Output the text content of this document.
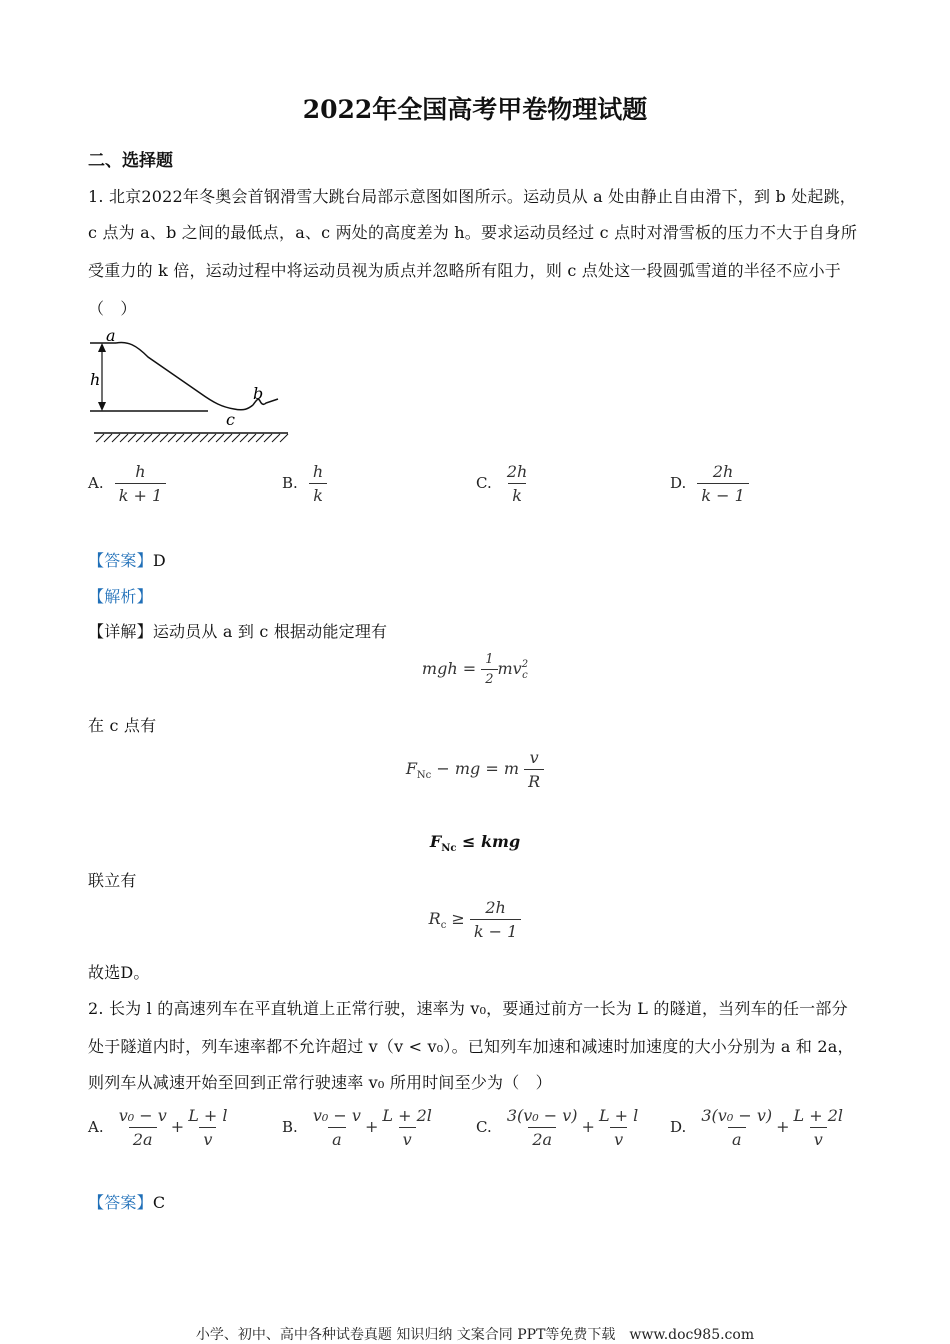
2022年全国高考甲卷物理试题
二、选择题
1. 北京2022年冬奥会首钢滑雪大跳台局部示意图如图所示。运动员从 a 处由静止自由滑下，到 b 处起跳，
c 点为 a、b 之间的最低点，a、c 两处的高度差为 h。要求运动员经过 c 点时对滑雪板的压力不大于自身所
受重力的 k 倍，运动过程中将运动员视为质点并忽略所有阻力，则 c 点处这一段圆弧雪道的半径不应小于
（　）
a
h
b
c
A. $\frac{h}{k + 1}$	B. $\frac{h}{k}$	C. $\frac{2h}{k}$	D. $\frac{2h}{k - 1}$
【答案】D
【解析】
【详解】运动员从 a 到 c 根据动能定理有
mgh = $\frac{1}{2}$ mv 2
c
在 c 点有
$F_{Nc}$ − mg = m $\frac{v}{R}$
$F_{Nc}$ ≤ kmg
联立有
$R_c \ge \frac{2h}{k - 1}$
故选D。
2. 长为 l 的高速列车在平直轨道上正常行驶，速率为 v₀，要通过前方一长为 L 的隧道，当列车的任一部分
处于隧道内时，列车速率都不允许超过 v（v < v₀）。已知列车加速和减速时加速度的大小分别为 a 和 2a，
则列车从减速开始至回到正常行驶速率 v₀ 所用时间至少为（　）
A. $\frac{\text{v₀ − v}}{2a} + \frac{L + l}{v}$	B. $\frac{\text{v₀ − v}}{a} + \frac{L + 2l}{v}$	C. $\frac{\text{3(v₀ − v)}}{2a} + \frac{L + l}{v} D$. $\frac{\text{3(v₀ − v)}}{a} + \frac{L + 2l}{v}$
【答案】C
小学、初中、高中各种试卷真题 知识归纳 文案合同 PPT等免费下载　www.doc985.com
